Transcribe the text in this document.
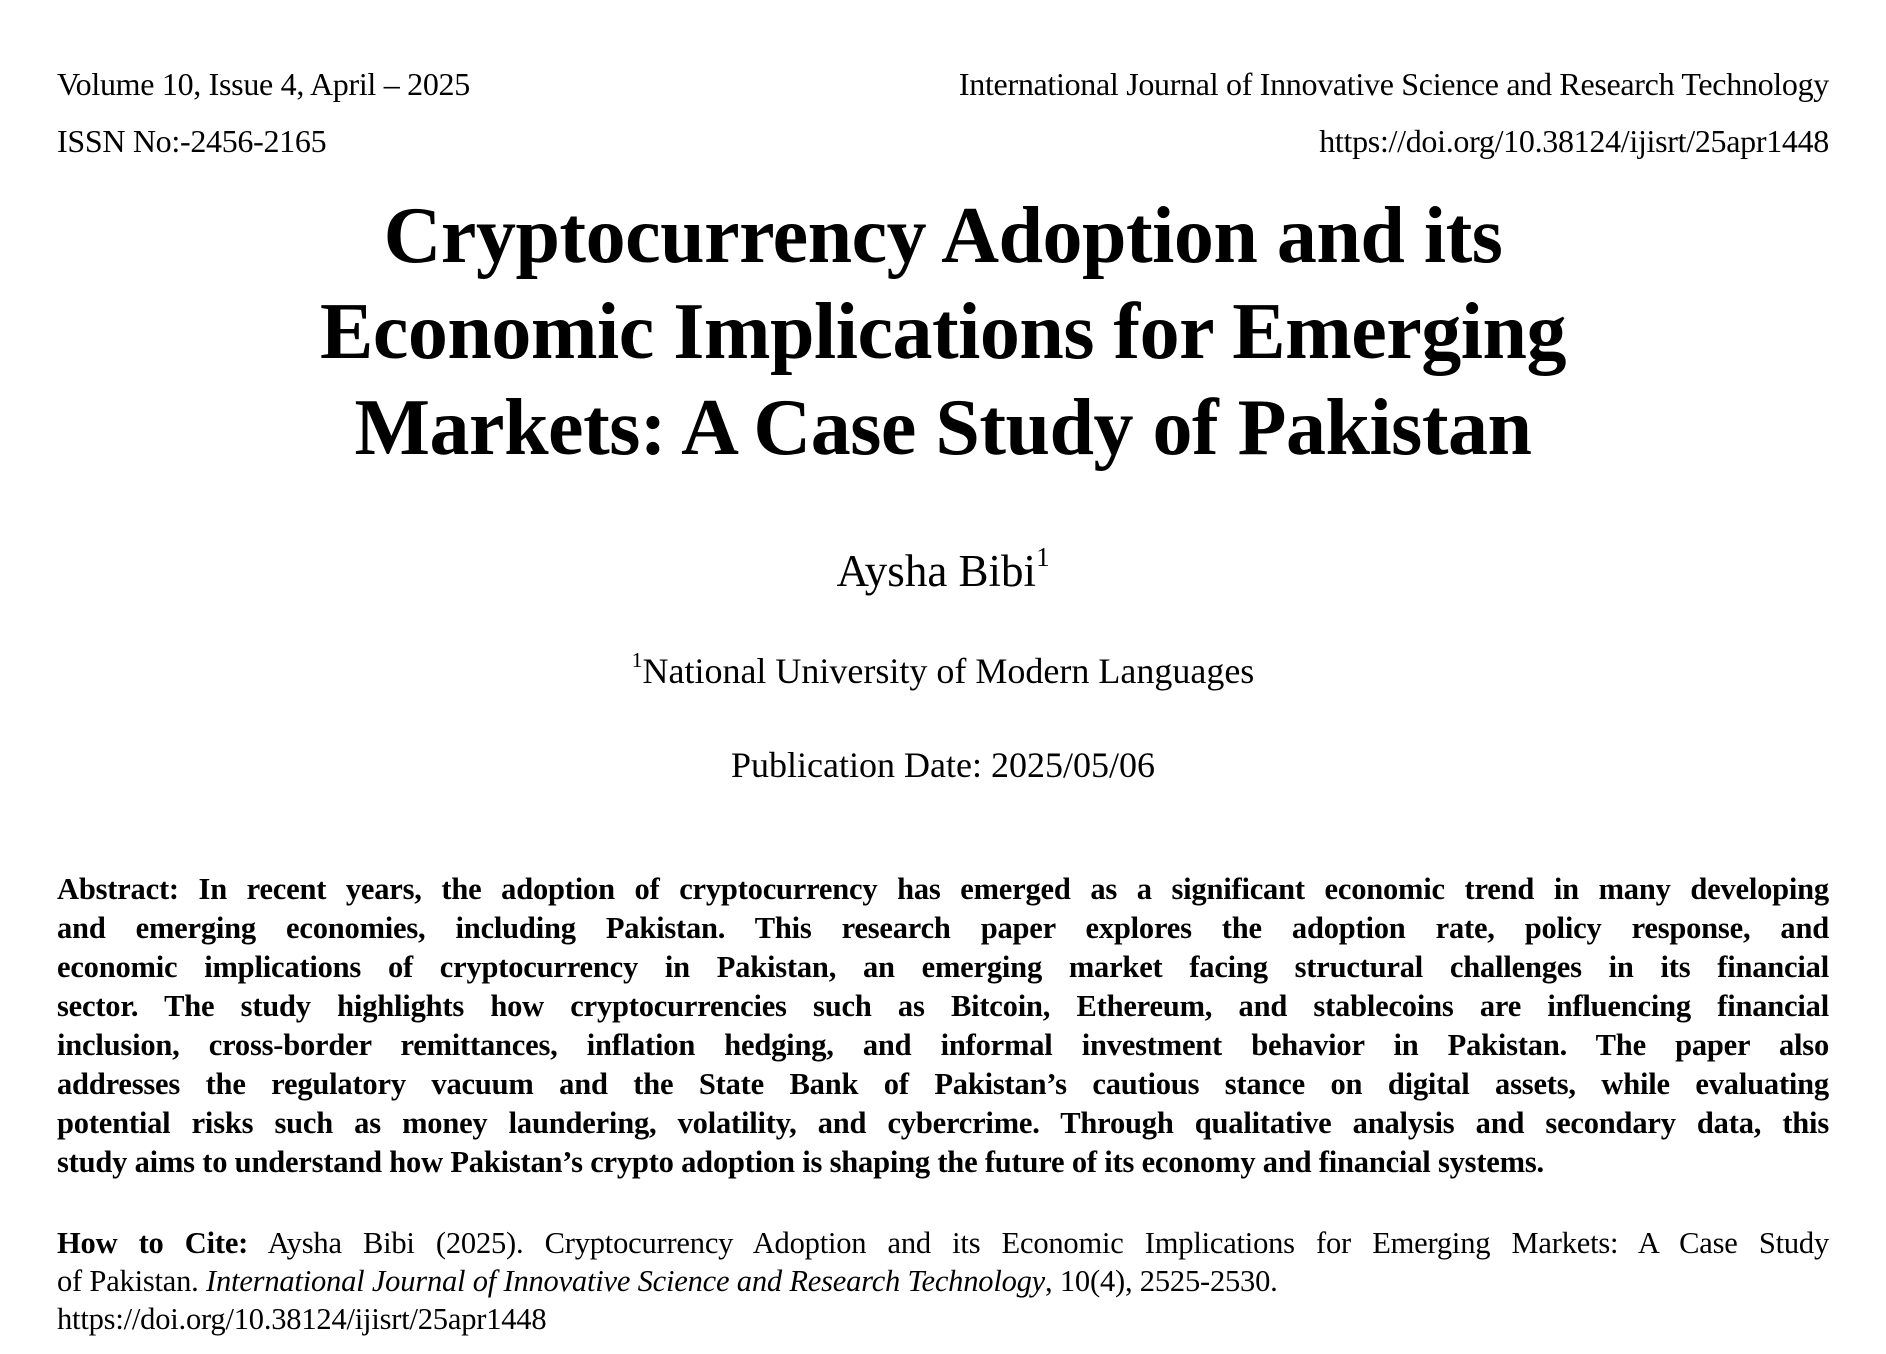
Volume 10, Issue 4, April – 2025	International Journal of Innovative Science and Research Technology
ISSN No:-2456-2165	https://doi.org/10.38124/ijisrt/25apr1448
Cryptocurrency Adoption and its
Economic Implications for Emerging
Markets: A Case Study of Pakistan
Aysha Bibi$^1$
$^1$National University of Modern Languages
Publication Date: 2025/05/06
Abstract: In recent years, the adoption of cryptocurrency has emerged as a significant economic trend in many developing
and emerging economies, including Pakistan. This research paper explores the adoption rate, policy response, and
economic implications of cryptocurrency in Pakistan, an emerging market facing structural challenges in its financial
sector. The study highlights how cryptocurrencies such as Bitcoin, Ethereum, and stablecoins are influencing financial
inclusion, cross-border remittances, inflation hedging, and informal investment behavior in Pakistan. The paper also
addresses the regulatory vacuum and the State Bank of Pakistan’s cautious stance on digital assets, while evaluating
potential risks such as money laundering, volatility, and cybercrime. Through qualitative analysis and secondary data, this
study aims to understand how Pakistan’s crypto adoption is shaping the future of its economy and financial systems.
How to Cite: Aysha Bibi (2025). Cryptocurrency Adoption and its Economic Implications for Emerging Markets: A Case Study
of Pakistan. International Journal of Innovative Science and Research Technology, 10(4), 2525-2530.
https://doi.org/10.38124/ijisrt/25apr1448
